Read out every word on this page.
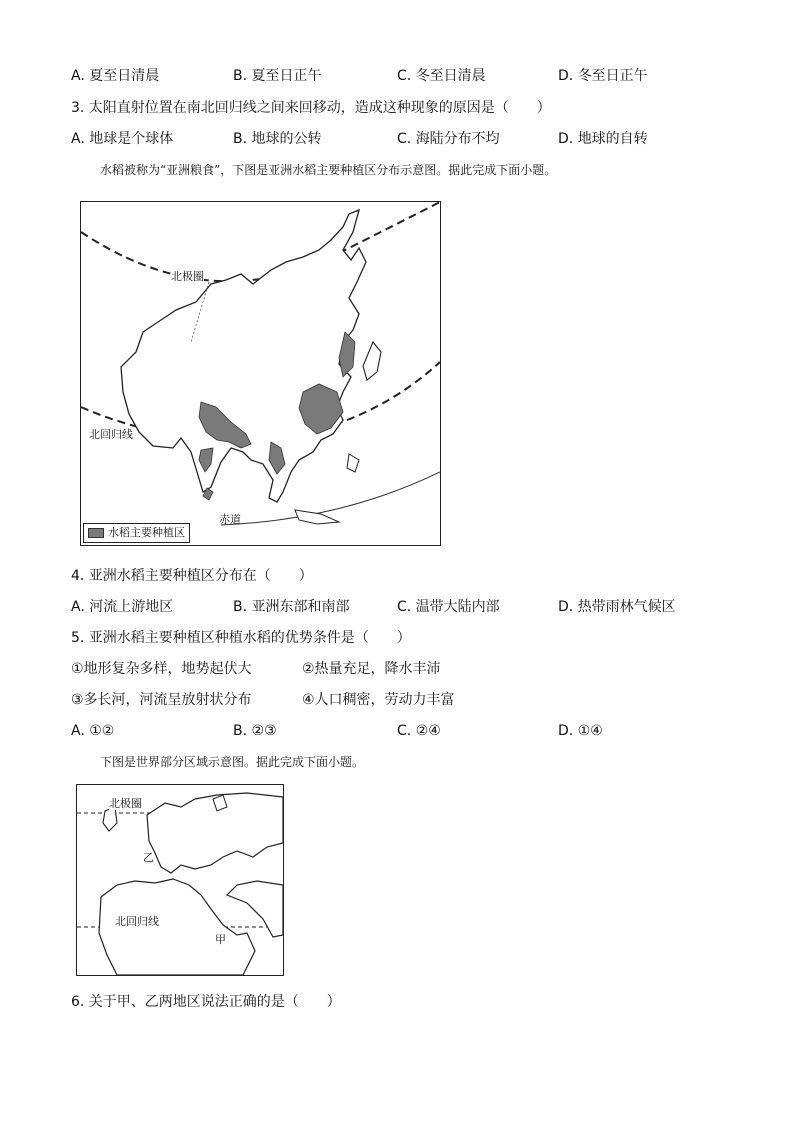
A. 夏至日清晨	B. 夏至日正午	C. 冬至日清晨	D. 冬至日正午
3. 太阳直射位置在南北回归线之间来回移动，造成这种现象的原因是（　　）
A. 地球是个球体	B. 地球的公转	C. 海陆分布不均	D. 地球的自转
水稻被称为“亚洲粮食”，下图是亚洲水稻主要种植区分布示意图。据此完成下面小题。
北极圈
北回归线
赤道
水稻主要种植区
4. 亚洲水稻主要种植区分布在（　　）
A. 河流上游地区	B. 亚洲东部和南部	C. 温带大陆内部	D. 热带雨林气候区
5. 亚洲水稻主要种植区种植水稻的优势条件是（　　）
①地形复杂多样，地势起伏大	②热量充足，降水丰沛
③多长河，河流呈放射状分布	④人口稠密，劳动力丰富
A. ①②	B. ②③	C. ②④	D. ①④
下图是世界部分区域示意图。据此完成下面小题。
北极圈
北回归线
乙
甲
6. 关于甲、乙两地区说法正确的是（　　）
